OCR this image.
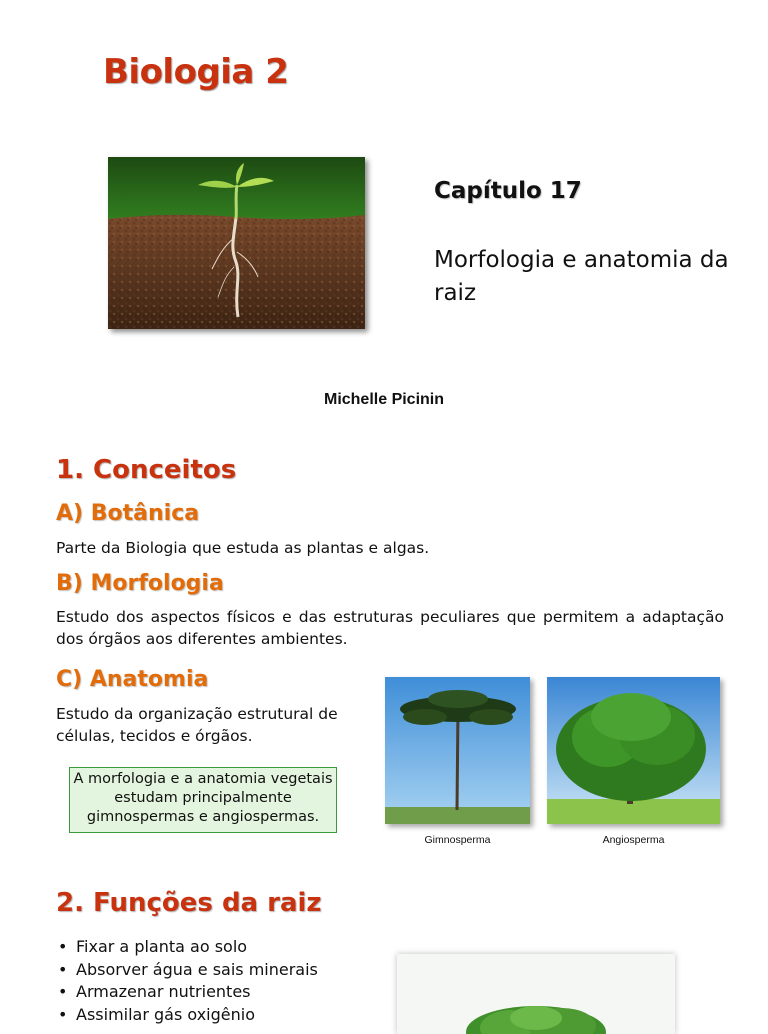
Biologia 2
Capítulo 17

Morfologia e anatomia da raiz

Michelle Picinin
1. Conceitos
A) Botânica

Parte da Biologia que estuda as plantas e algas.

B) Morfologia

Estudo dos aspectos físicos e das estruturas peculiares que permitem a adaptação dos órgãos aos diferentes ambientes.

C) Anatomia

Estudo da organização estrutural de células, tecidos e órgãos.

A morfologia e a anatomia vegetais estudam principalmente gimnospermas e angiospermas.
Gimnosperma	Angiosperma
2. Funções da raiz
• Fixar a planta ao solo
• Absorver água e sais minerais
• Armazenar nutrientes
• Assimilar gás oxigênio
